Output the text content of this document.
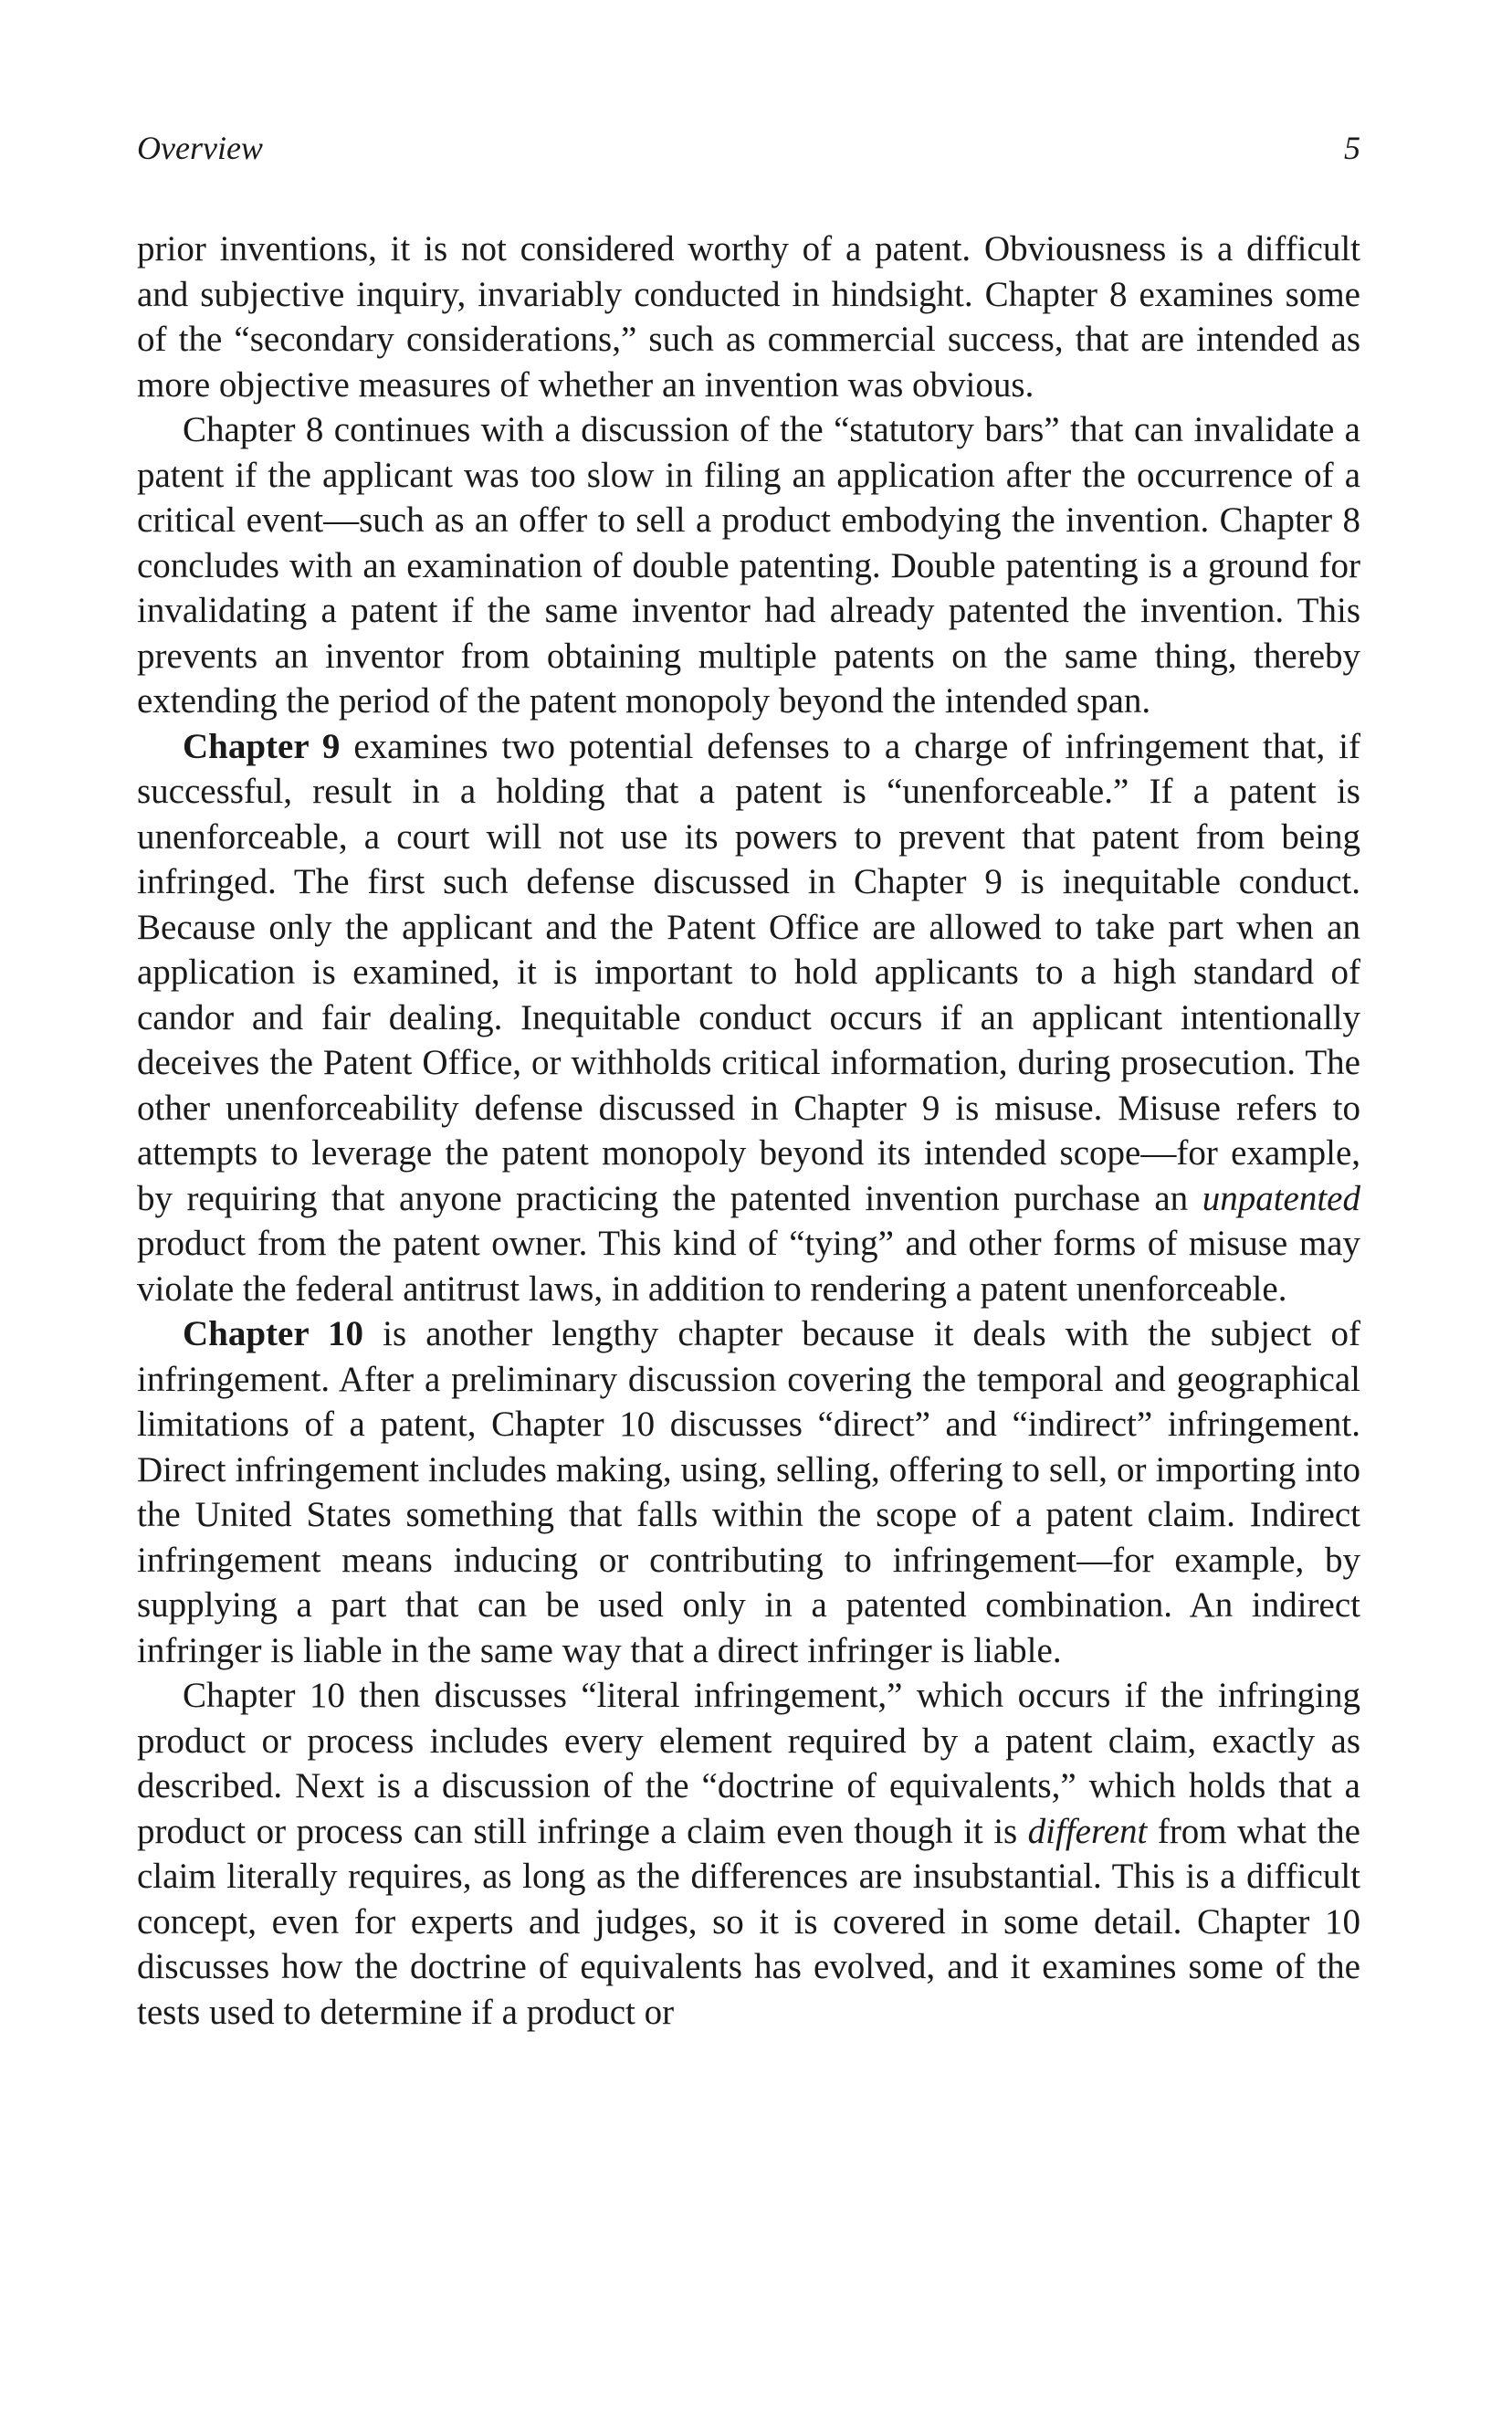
Overview	5

prior inventions, it is not considered worthy of a patent. Obviousness is a difficult and subjective inquiry, invariably conducted in hindsight. Chapter 8 examines some of the “secondary considerations,” such as commercial success, that are intended as more objective measures of whether an invention was obvious.

Chapter 8 continues with a discussion of the “statutory bars” that can invalidate a patent if the applicant was too slow in filing an application after the occurrence of a critical event—such as an offer to sell a product embodying the invention. Chapter 8 concludes with an examination of double patenting. Double patenting is a ground for invalidating a patent if the same inventor had already patented the invention. This prevents an inventor from obtaining multiple patents on the same thing, thereby extending the period of the patent monopoly beyond the intended span.

Chapter 9 examines two potential defenses to a charge of infringement that, if successful, result in a holding that a patent is “unenforceable.” If a patent is unenforceable, a court will not use its powers to prevent that patent from being infringed. The first such defense discussed in Chapter 9 is inequitable conduct. Because only the applicant and the Patent Office are allowed to take part when an application is examined, it is important to hold applicants to a high standard of candor and fair dealing. Inequitable conduct occurs if an applicant intentionally deceives the Patent Office, or withholds critical information, during prosecution. The other unenforceability defense discussed in Chapter 9 is misuse. Misuse refers to attempts to leverage the patent monopoly beyond its intended scope—for example, by requiring that anyone practicing the patented invention purchase an unpatented product from the patent owner. This kind of “tying” and other forms of misuse may violate the federal antitrust laws, in addition to rendering a patent unenforceable.

Chapter 10 is another lengthy chapter because it deals with the subject of infringement. After a preliminary discussion covering the temporal and geographical limitations of a patent, Chapter 10 discusses “direct” and “indirect” infringement. Direct infringement includes making, using, selling, offering to sell, or importing into the United States something that falls within the scope of a patent claim. Indirect infringement means inducing or contributing to infringement—for example, by supplying a part that can be used only in a patented combination. An indirect infringer is liable in the same way that a direct infringer is liable.

Chapter 10 then discusses “literal infringement,” which occurs if the infringing product or process includes every element required by a patent claim, exactly as described. Next is a discussion of the “doctrine of equivalents,” which holds that a product or process can still infringe a claim even though it is different from what the claim literally requires, as long as the differences are insubstantial. This is a difficult concept, even for experts and judges, so it is covered in some detail. Chapter 10 discusses how the doctrine of equivalents has evolved, and it examines some of the tests used to determine if a product or
